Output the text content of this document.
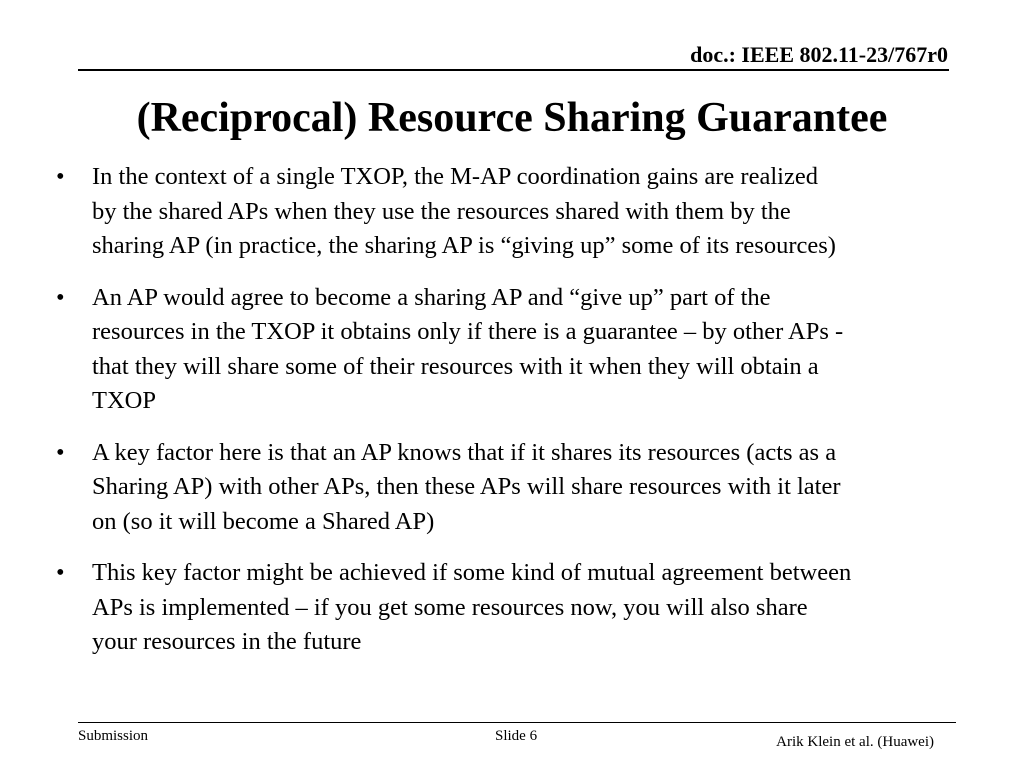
doc.: IEEE 802.11-23/767r0
(Reciprocal) Resource Sharing Guarantee
•	In the context of a single TXOP, the M-AP coordination gains are realized
by the shared APs when they use the resources shared with them by the
sharing AP (in practice, the sharing AP is “giving up” some of its resources)
•	An AP would agree to become a sharing AP and “give up” part of the
resources in the TXOP it obtains only if there is a guarantee – by other APs -
that they will share some of their resources with it when they will obtain a
TXOP
•	A key factor here is that an AP knows that if it shares its resources (acts as a
Sharing AP) with other APs, then these APs will share resources with it later
on (so it will become a Shared AP)
•	This key factor might be achieved if some kind of mutual agreement between
APs is implemented – if you get some resources now, you will also share
your resources in the future
Submission	Slide 6	Arik Klein et al. (Huawei)
